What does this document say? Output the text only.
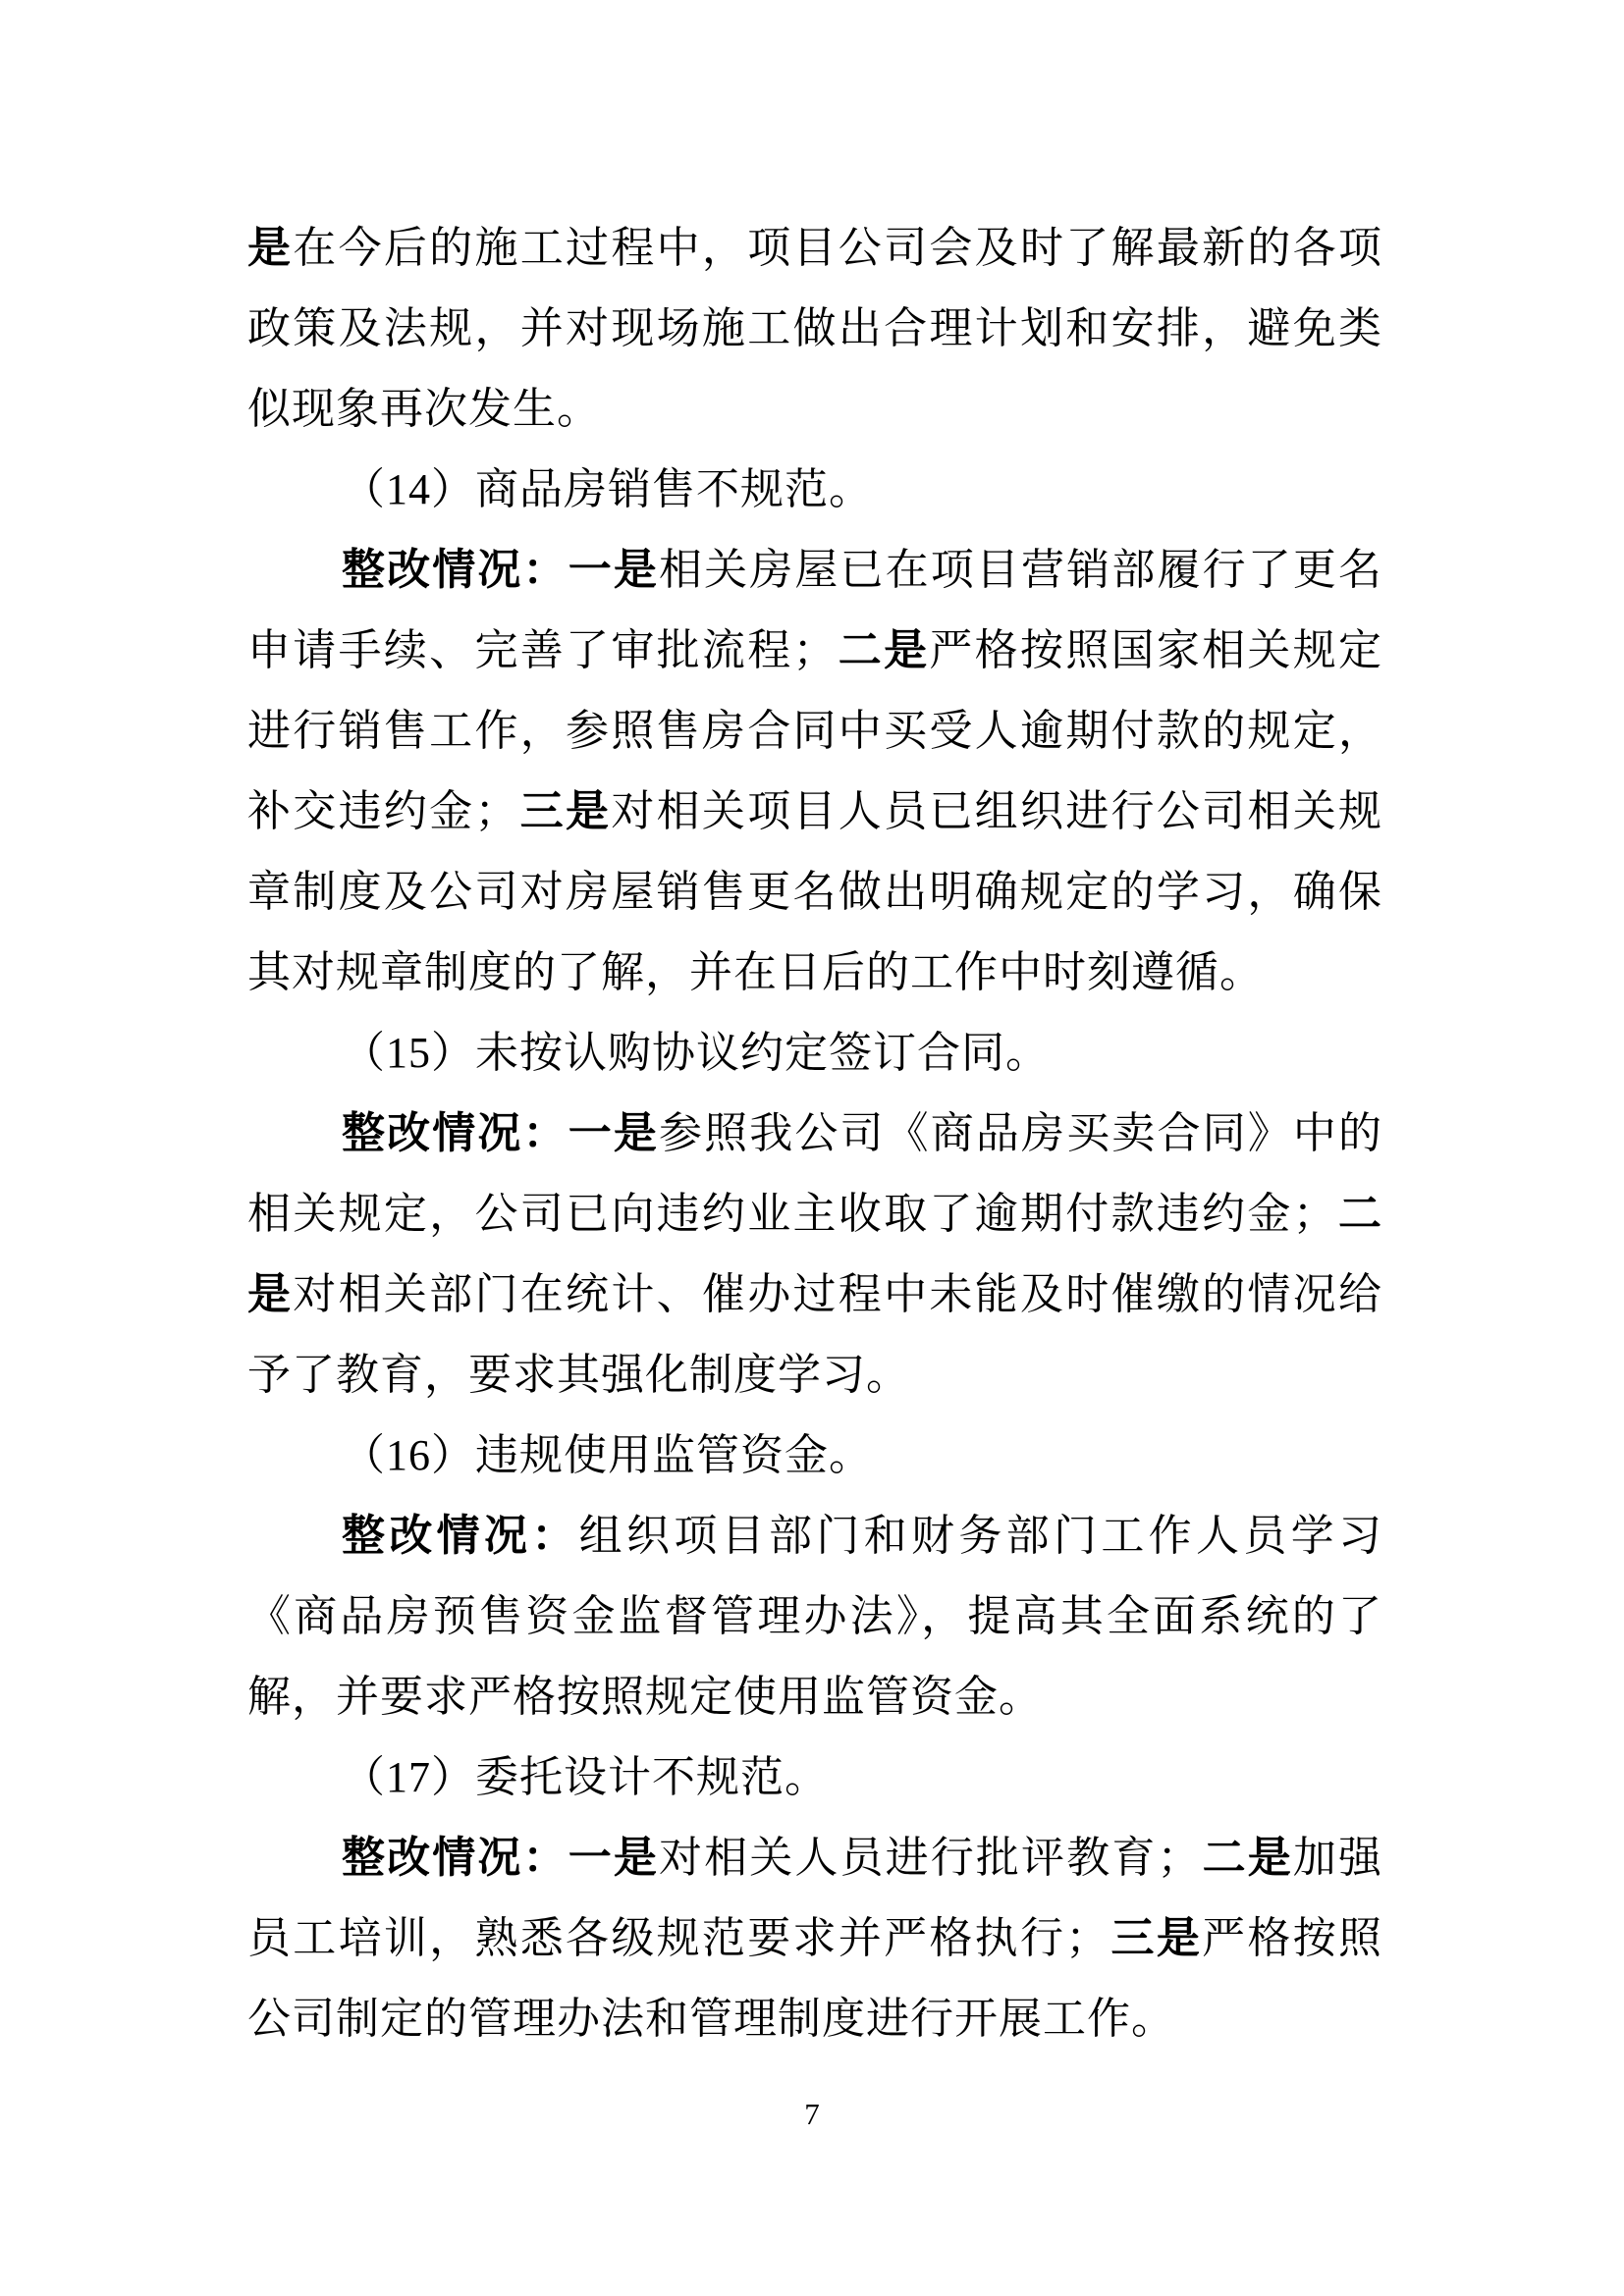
是在今后的施工过程中，项目公司会及时了解最新的各项政策及法规，并对现场施工做出合理计划和安排，避免类似现象再次发生。

（14）商品房销售不规范。

整改情况：一是相关房屋已在项目营销部履行了更名申请手续、完善了审批流程；二是严格按照国家相关规定进行销售工作，参照售房合同中买受人逾期付款的规定，补交违约金；三是对相关项目人员已组织进行公司相关规章制度及公司对房屋销售更名做出明确规定的学习，确保其对规章制度的了解，并在日后的工作中时刻遵循。

（15）未按认购协议约定签订合同。

整改情况：一是参照我公司《商品房买卖合同》中的相关规定，公司已向违约业主收取了逾期付款违约金；二是对相关部门在统计、催办过程中未能及时催缴的情况给予了教育，要求其强化制度学习。

（16）违规使用监管资金。

整改情况：组织项目部门和财务部门工作人员学习《商品房预售资金监督管理办法》，提高其全面系统的了解，并要求严格按照规定使用监管资金。

（17）委托设计不规范。

整改情况：一是对相关人员进行批评教育；二是加强员工培训，熟悉各级规范要求并严格执行；三是严格按照公司制定的管理办法和管理制度进行开展工作。

7
